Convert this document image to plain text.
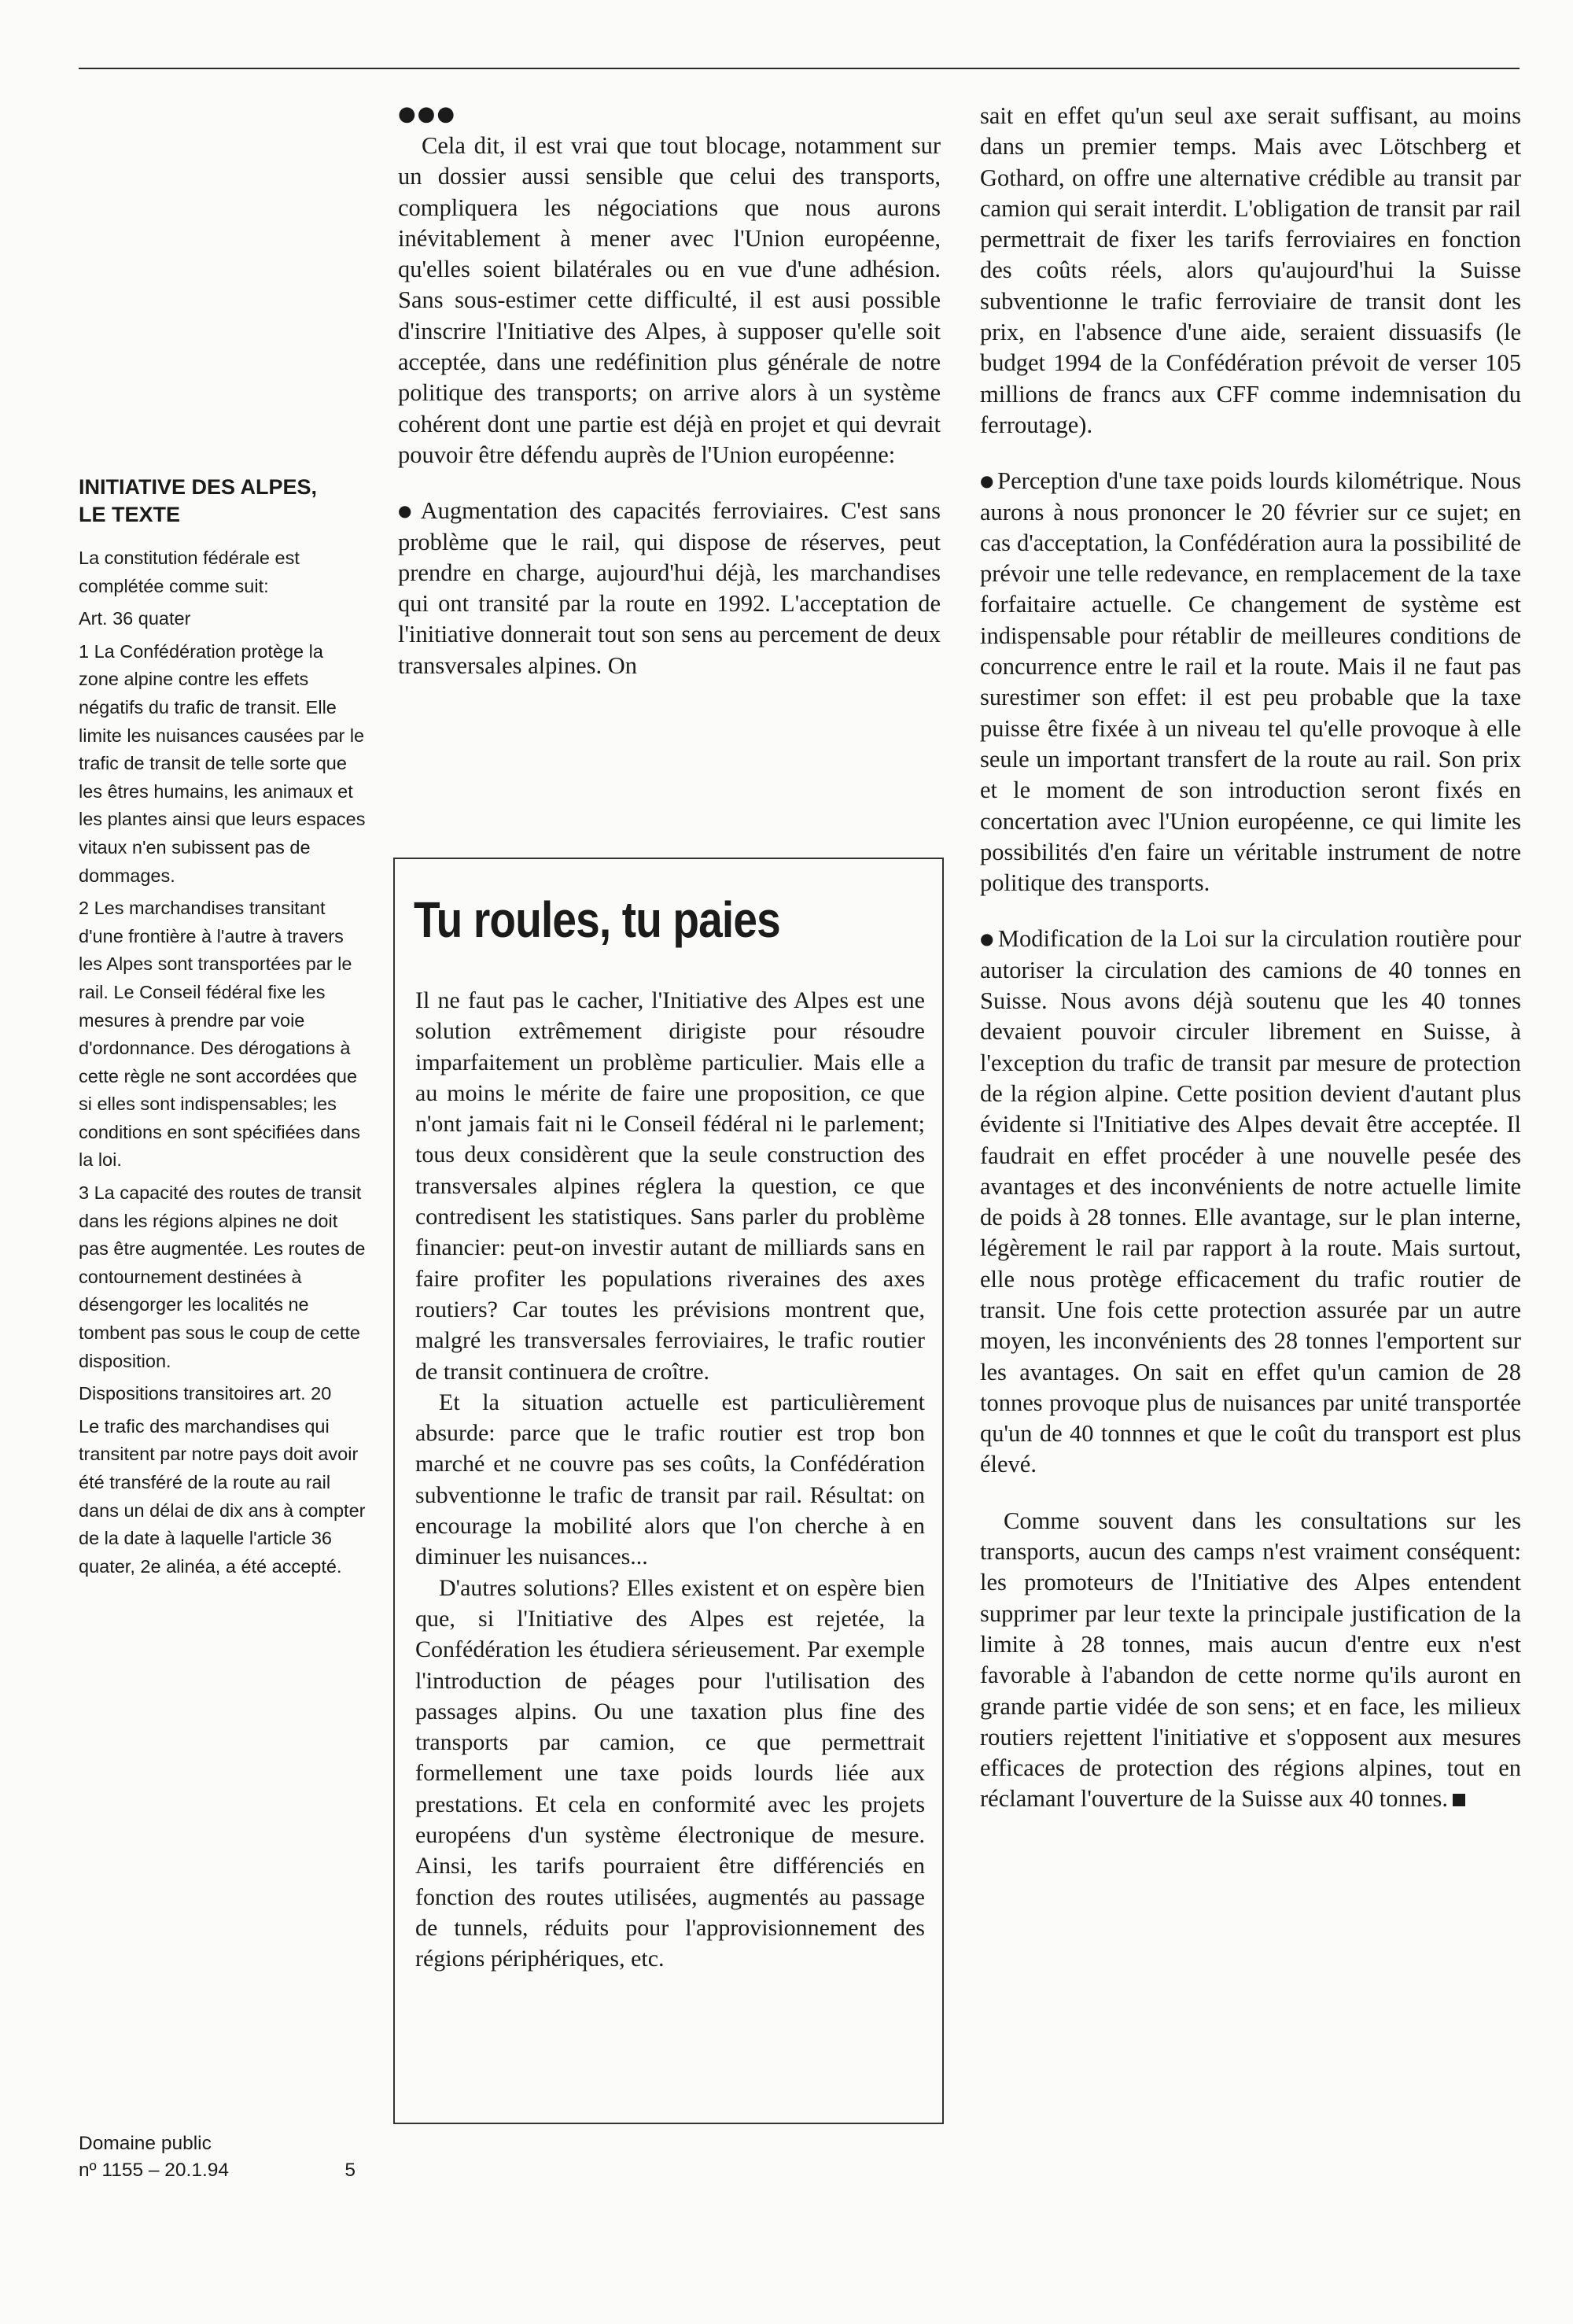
INITIATIVE DES ALPES,
LE TEXTE

La constitution fédérale est complétée comme suit:

Art. 36 quater

1 La Confédération protège la zone alpine contre les effets négatifs du trafic de transit. Elle limite les nuisances causées par le trafic de transit de telle sorte que les êtres humains, les animaux et les plantes ainsi que leurs espaces vitaux n'en subissent pas de dommages.

2 Les marchandises transitant d'une frontière à l'autre à travers les Alpes sont transportées par le rail. Le Conseil fédéral fixe les mesures à prendre par voie d'ordonnance. Des dérogations à cette règle ne sont accordées que si elles sont indispensables; les conditions en sont spécifiées dans la loi.

3 La capacité des routes de transit dans les régions alpines ne doit pas être augmentée. Les routes de contournement destinées à désengorger les localités ne tombent pas sous le coup de cette disposition.

Dispositions transitoires art. 20

Le trafic des marchandises qui transitent par notre pays doit avoir été transféré de la route au rail dans un délai de dix ans à compter de la date à laquelle l'article 36 quater, 2e alinéa, a été accepté.

Domaine public
nº 1155 – 20.1.94	5
●●●

Cela dit, il est vrai que tout blocage, notamment sur un dossier aussi sensible que celui des transports, compliquera les négociations que nous aurons inévitablement à mener avec l'Union européenne, qu'elles soient bilatérales ou en vue d'une adhésion. Sans sous-estimer cette difficulté, il est ausi possible d'inscrire l'Initiative des Alpes, à supposer qu'elle soit acceptée, dans une redéfinition plus générale de notre politique des transports; on arrive alors à un système cohérent dont une partie est déjà en projet et qui devrait pouvoir être défendu auprès de l'Union européenne:

● Augmentation des capacités ferroviaires. C'est sans problème que le rail, qui dispose de réserves, peut prendre en charge, aujourd'hui déjà, les marchandises qui ont transité par la route en 1992. L'acceptation de l'initiative donnerait tout son sens au percement de deux transversales alpines. On

Tu roules, tu paies

Il ne faut pas le cacher, l'Initiative des Alpes est une solution extrêmement dirigiste pour résoudre imparfaitement un problème particulier. Mais elle a au moins le mérite de faire une proposition, ce que n'ont jamais fait ni le Conseil fédéral ni le parlement; tous deux considèrent que la seule construction des transversales alpines réglera la question, ce que contredisent les statistiques. Sans parler du problème financier: peut-on investir autant de milliards sans en faire profiter les populations riveraines des axes routiers? Car toutes les prévisions montrent que, malgré les transversales ferroviaires, le trafic routier de transit continuera de croître.

Et la situation actuelle est particulièrement absurde: parce que le trafic routier est trop bon marché et ne couvre pas ses coûts, la Confédération subventionne le trafic de transit par rail. Résultat: on encourage la mobilité alors que l'on cherche à en diminuer les nuisances...

D'autres solutions? Elles existent et on espère bien que, si l'Initiative des Alpes est rejetée, la Confédération les étudiera sérieusement. Par exemple l'introduction de péages pour l'utilisation des passages alpins. Ou une taxation plus fine des transports par camion, ce que permettrait formellement une taxe poids lourds liée aux prestations. Et cela en conformité avec les projets européens d'un système électronique de mesure. Ainsi, les tarifs pourraient être différenciés en fonction des routes utilisées, augmentés au passage de tunnels, réduits pour l'approvisionnement des régions périphériques, etc.

sait en effet qu'un seul axe serait suffisant, au moins dans un premier temps. Mais avec Lötschberg et Gothard, on offre une alternative crédible au transit par camion qui serait interdit. L'obligation de transit par rail permettrait de fixer les tarifs ferroviaires en fonction des coûts réels, alors qu'aujourd'hui la Suisse subventionne le trafic ferroviaire de transit dont les prix, en l'absence d'une aide, seraient dissuasifs (le budget 1994 de la Confédération prévoit de verser 105 millions de francs aux CFF comme indemnisation du ferroutage).

● Perception d'une taxe poids lourds kilométrique. Nous aurons à nous prononcer le 20 février sur ce sujet; en cas d'acceptation, la Confédération aura la possibilité de prévoir une telle redevance, en remplacement de la taxe forfaitaire actuelle. Ce changement de système est indispensable pour rétablir de meilleures conditions de concurrence entre le rail et la route. Mais il ne faut pas surestimer son effet: il est peu probable que la taxe puisse être fixée à un niveau tel qu'elle provoque à elle seule un important transfert de la route au rail. Son prix et le moment de son introduction seront fixés en concertation avec l'Union européenne, ce qui limite les possibilités d'en faire un véritable instrument de notre politique des transports.

● Modification de la Loi sur la circulation routière pour autoriser la circulation des camions de 40 tonnes en Suisse. Nous avons déjà soutenu que les 40 tonnes devaient pouvoir circuler librement en Suisse, à l'exception du trafic de transit par mesure de protection de la région alpine. Cette position devient d'autant plus évidente si l'Initiative des Alpes devait être acceptée. Il faudrait en effet procéder à une nouvelle pesée des avantages et des inconvénients de notre actuelle limite de poids à 28 tonnes. Elle avantage, sur le plan interne, légèrement le rail par rapport à la route. Mais surtout, elle nous protège efficacement du trafic routier de transit. Une fois cette protection assurée par un autre moyen, les inconvénients des 28 tonnes l'emportent sur les avantages. On sait en effet qu'un camion de 28 tonnes provoque plus de nuisances par unité transportée qu'un de 40 tonnnes et que le coût du transport est plus élevé.

Comme souvent dans les consultations sur les transports, aucun des camps n'est vraiment conséquent: les promoteurs de l'Initiative des Alpes entendent supprimer par leur texte la principale justification de la limite à 28 tonnes, mais aucun d'entre eux n'est favorable à l'abandon de cette norme qu'ils auront en grande partie vidée de son sens; et en face, les milieux routiers rejettent l'initiative et s'opposent aux mesures efficaces de protection des régions alpines, tout en réclamant l'ouverture de la Suisse aux 40 tonnes.
